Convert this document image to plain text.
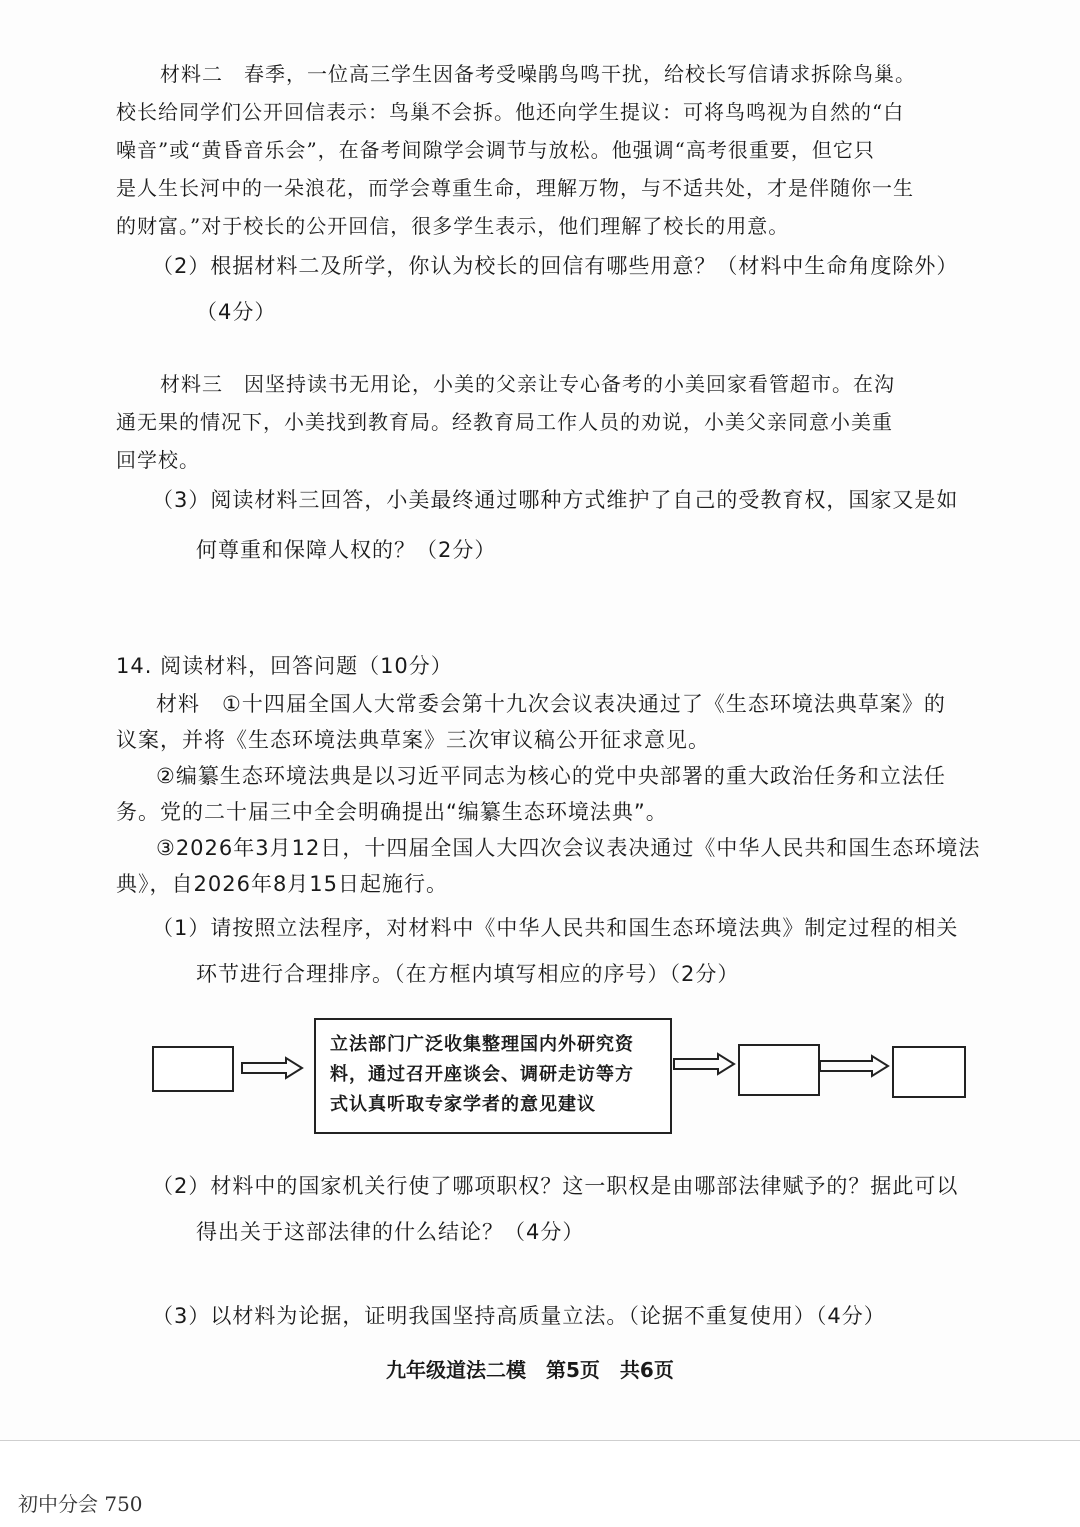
材料二　春季，一位高三学生因备考受噪鹃鸟鸣干扰，给校长写信请求拆除鸟巢。
校长给同学们公开回信表示：鸟巢不会拆。他还向学生提议：可将鸟鸣视为自然的“白
噪音”或“黄昏音乐会”，在备考间隙学会调节与放松。他强调“高考很重要，但它只
是人生长河中的一朵浪花，而学会尊重生命，理解万物，与不适共处，才是伴随你一生
的财富。”对于校长的公开回信，很多学生表示，他们理解了校长的用意。
（2）根据材料二及所学，你认为校长的回信有哪些用意？（材料中生命角度除外）
（4分）
材料三　因坚持读书无用论，小美的父亲让专心备考的小美回家看管超市。在沟
通无果的情况下，小美找到教育局。经教育局工作人员的劝说，小美父亲同意小美重
回学校。
（3）阅读材料三回答，小美最终通过哪种方式维护了自己的受教育权，国家又是如
何尊重和保障人权的？（2分）
14. 阅读材料，回答问题（10分）
材料　①十四届全国人大常委会第十九次会议表决通过了《生态环境法典草案》的
议案，并将《生态环境法典草案》三次审议稿公开征求意见。
②编纂生态环境法典是以习近平同志为核心的党中央部署的重大政治任务和立法任
务。党的二十届三中全会明确提出“编纂生态环境法典”。
③2026年3月12日，十四届全国人大四次会议表决通过《中华人民共和国生态环境法
典》，自2026年8月15日起施行。
（1）请按照立法程序，对材料中《中华人民共和国生态环境法典》制定过程的相关
环节进行合理排序。（在方框内填写相应的序号）（2分）
立法部门广泛收集整理国内外研究资
料，通过召开座谈会、调研走访等方
式认真听取专家学者的意见建议
（2）材料中的国家机关行使了哪项职权？这一职权是由哪部法律赋予的？据此可以
得出关于这部法律的什么结论？（4分）
（3）以材料为论据，证明我国坚持高质量立法。（论据不重复使用）（4分）
九年级道法二模　第5页　共6页
初中分会 750
